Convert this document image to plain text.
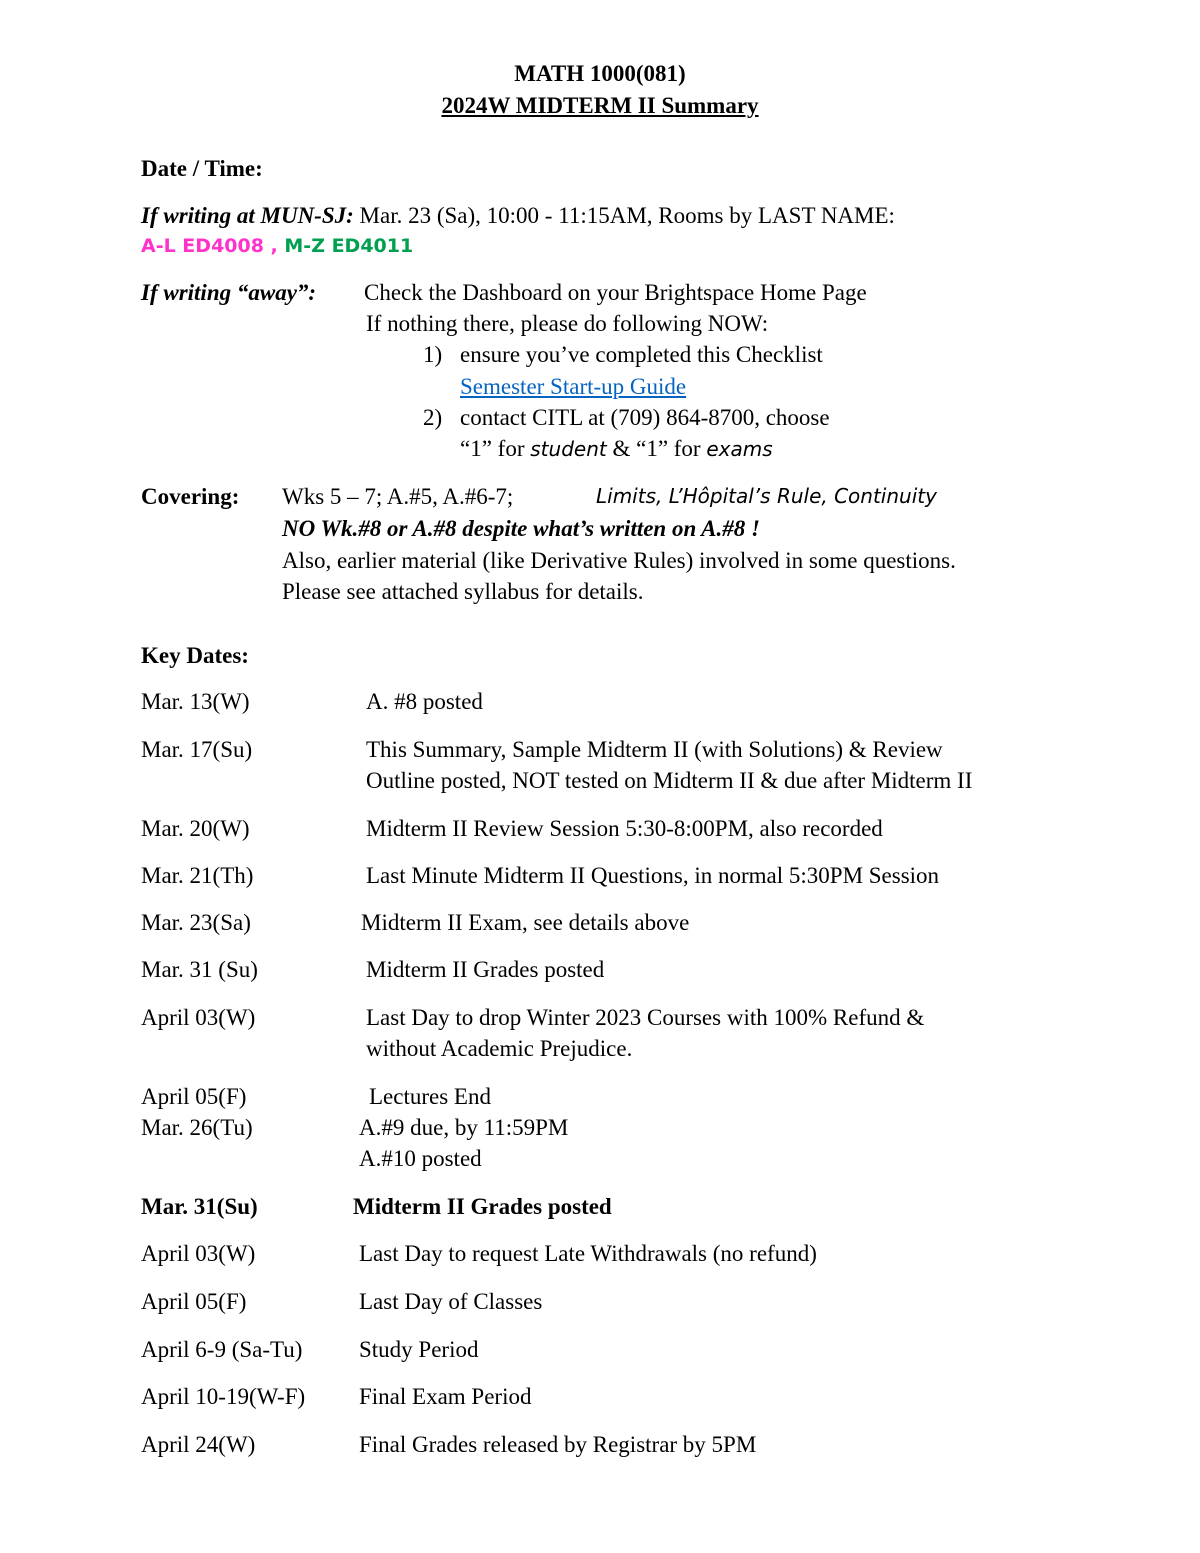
MATH 1000(081)
2024W MIDTERM II Summary
Date / Time:
If writing at MUN-SJ: Mar. 23 (Sa), 10:00 - 11:15AM, Rooms by LAST NAME:
A-L ED4008 , M-Z ED4011
If writing “away”: Check the Dashboard on your Brightspace Home Page
If nothing there, please do following NOW:
1) ensure you’ve completed this Checklist
Semester Start-up Guide
2) contact CITL at (709) 864-8700, choose
“1” for student & “1” for exams
Covering: Wks 5 – 7; A.#5, A.#6-7;	Limits, L’Hôpital’s Rule, Continuity
NO Wk.#8 or A.#8 despite what’s written on A.#8 !
Also, earlier material (like Derivative Rules) involved in some questions.
Please see attached syllabus for details.
Key Dates:
Mar. 13(W)	A. #8 posted
Mar. 17(Su)	This Summary, Sample Midterm II (with Solutions) & Review
Outline posted, NOT tested on Midterm II & due after Midterm II
Mar. 20(W)	Midterm II Review Session 5:30-8:00PM, also recorded
Mar. 21(Th)	Last Minute Midterm II Questions, in normal 5:30PM Session
Mar. 23(Sa)	Midterm II Exam, see details above
Mar. 31 (Su)	Midterm II Grades posted
April 03(W)	Last Day to drop Winter 2023 Courses with 100% Refund &
without Academic Prejudice.
April 05(F)	Lectures End
Mar. 26(Tu)	A.#9 due, by 11:59PM
A.#10 posted
Mar. 31(Su)	Midterm II Grades posted
April 03(W)	Last Day to request Late Withdrawals (no refund)
April 05(F)	Last Day of Classes
April 6-9 (Sa-Tu) Study Period
April 10-19(W-F) Final Exam Period
April 24(W)	Final Grades released by Registrar by 5PM
